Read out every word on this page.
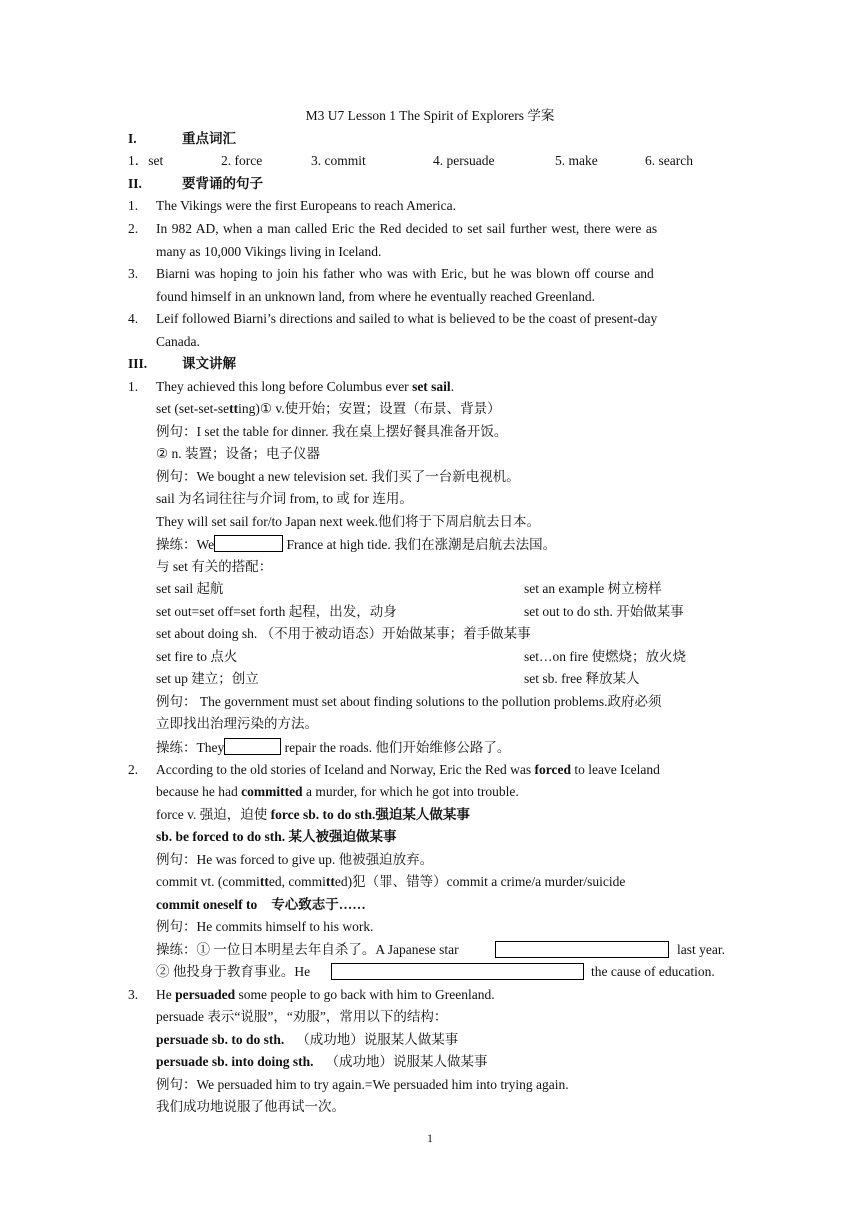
M3 U7 Lesson 1 The Spirit of Explorers 学案
I.	重点词汇
1．set	2. force	3. commit	4. persuade	5. make	6. search
II.	要背诵的句子
1. The Vikings were the first Europeans to reach America.
2. In 982 AD, when a man called Eric the Red decided to set sail further west, there were as
many as 10,000 Vikings living in Iceland.
3. Biarni was hoping to join his father who was with Eric, but he was blown off course and
found himself in an unknown land, from where he eventually reached Greenland.
4. Leif followed Biarni’s directions and sailed to what is believed to be the coast of present-day
Canada.
III.	课文讲解
1. They achieved this long before Columbus ever set sail.
set (set-set-setting)① v.使开始；安置；设置（布景、背景）
例句：I set the table for dinner. 我在桌上摆好餐具准备开饭。
② n. 装置；设备；电子仪器
例句：We bought a new television set. 我们买了一台新电视机。
sail 为名词往往与介词 from, to 或 for 连用。
They will set sail for/to Japan next week.他们将于下周启航去日本。
操练：We	France at high tide. 我们在涨潮是启航去法国。
与 set 有关的搭配：
set sail 起航	set an example 树立榜样
set out=set off=set forth 起程，出发，动身	set out to do sth. 开始做某事
set about doing sh. （不用于被动语态）开始做某事；着手做某事
set fire to 点火	set…on fire 使燃烧；放火烧
set up 建立；创立	set sb. free 释放某人
例句： The government must set about finding solutions to the pollution problems.政府必须
立即找出治理污染的方法。
操练：They	repair the roads. 他们开始维修公路了。
2. According to the old stories of Iceland and Norway, Eric the Red was forced to leave Iceland
because he had committed a murder, for which he got into trouble.
force v. 强迫，迫使 force sb. to do sth.强迫某人做某事
sb. be forced to do sth. 某人被强迫做某事
例句：He was forced to give up. 他被强迫放弃。
commit vt. (committed, committed)犯（罪、错等）commit a crime/a murder/suicide
commit oneself to 专心致志于……
例句：He commits himself to his work.
操练：① 一位日本明星去年自杀了。A Japanese star	last year.
② 他投身于教育事业。He	the cause of education.
3. He persuaded some people to go back with him to Greenland.
persuade 表示“说服”，“劝服”，常用以下的结构：
persuade sb. to do sth. （成功地）说服某人做某事
persuade sb. into doing sth. （成功地）说服某人做某事
例句：We persuaded him to try again.=We persuaded him into trying again.
我们成功地说服了他再试一次。
1
